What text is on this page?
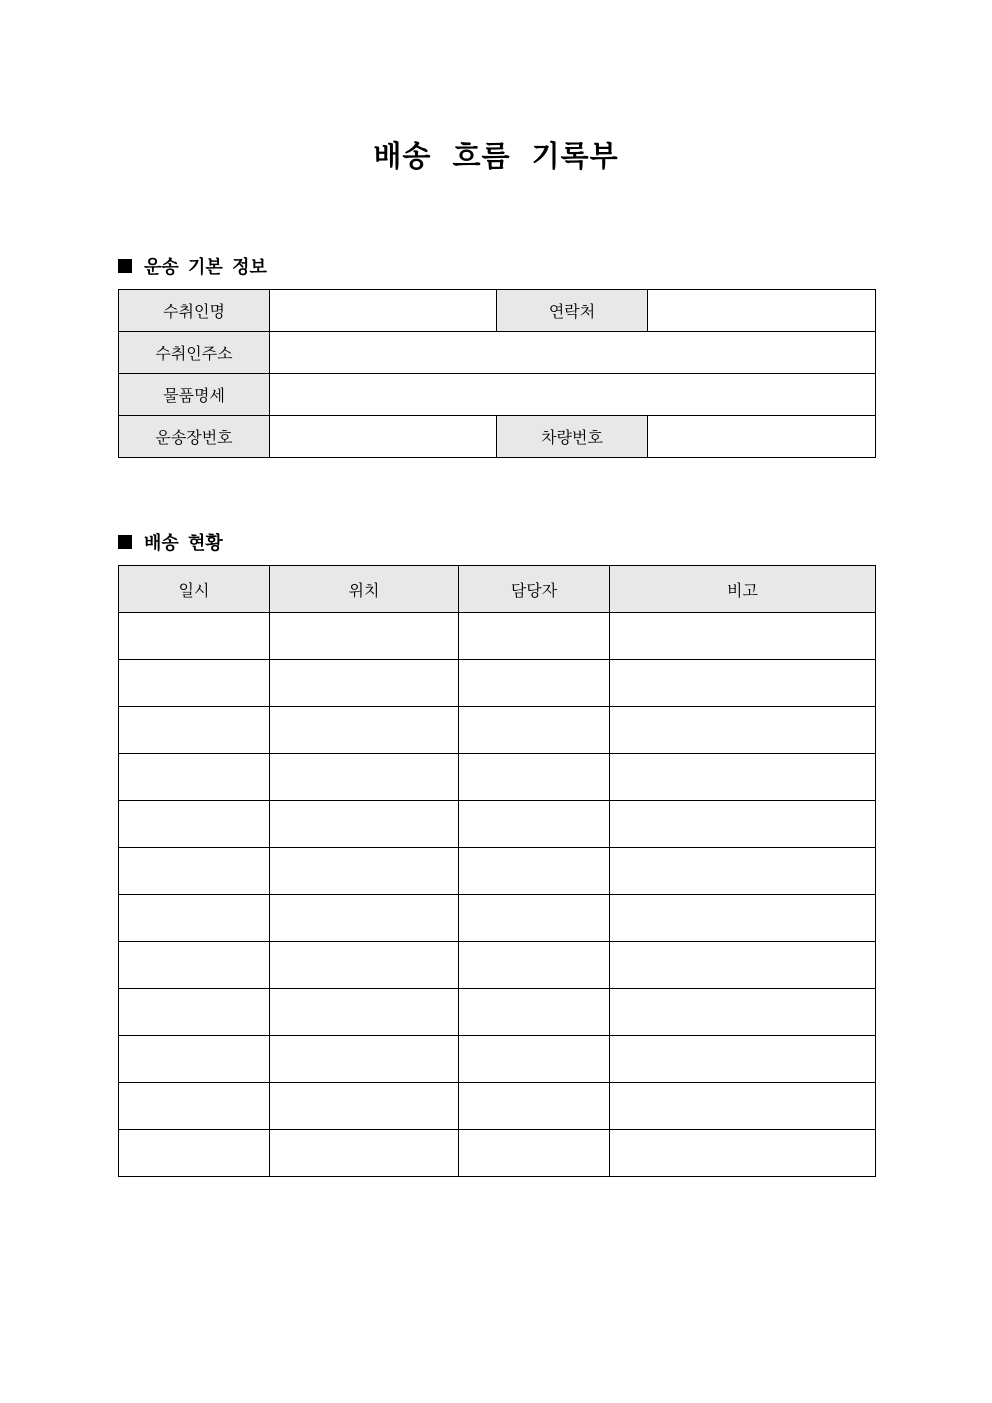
배송 흐름 기록부
운송 기본 정보
수취인명		연락처	
수취인주소			
물품명세			
운송장번호		차량번호	
배송 현황
일시	위치	담당자	비고
